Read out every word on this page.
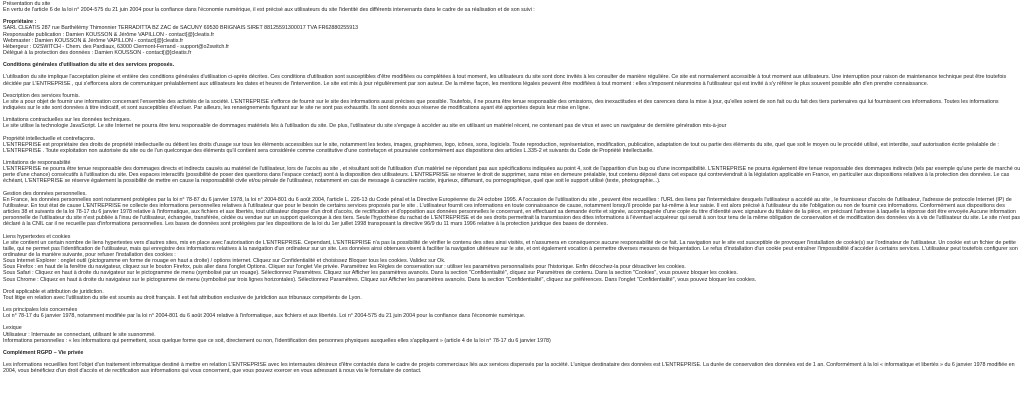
Présentation du site
En vertu de l'article 6 de la loi n° 2004-575 du 21 juin 2004 pour la confiance dans l'économie numérique, il est précisé aux utilisateurs du site l'identité des différents intervenants dans le cadre de sa réalisation et de son suivi :
Propriétaire :
SARL CLEATIS 287 rue Barthélémy Thimonnier TERRADITTA BZ ZAC de SACUNY 69530 BRIGNAIS SIRET 88125591300017 TVA FR62880255913
Responsable publication : Damien KOUSSON & Jérôme VAPILLON - contact[@]cleatis.fr
Webmaster : Damien KOUSSON & Jérôme VAPILLON - contact[@]cleatis.fr
Hébergeur : O2SWITCH - Chem. des Pardiaux, 63000 Clermont-Ferrand - support@o2switch.fr
Délégué à la protection des données : Damien KOUSSON - contact[@]cleatis.fr
Conditions générales d'utilisation du site et des services proposés.
L'utilisation du site implique l'acceptation pleine et entière des conditions générales d'utilisation ci-après décrites. Ces conditions d'utilisation sont susceptibles d'être modifiées ou complétées à tout moment, les utilisateurs du site sont donc invités à les consulter de manière régulière. Ce site est normalement accessible à tout moment aux utilisateurs. Une interruption pour raison de maintenance technique peut être toutefois décidée par L'ENTREPRISE , qui s'efforcera alors de communiquer préalablement aux utilisateurs les dates et heures de l'intervention. Le site est mis à jour régulièrement par son auteur. De la même façon, les mentions légales peuvent être modifiées à tout moment : elles s'imposent néanmoins à l'utilisateur qui est invité à s'y référer le plus souvent possible afin d'en prendre connaissance.
Description des services fournis.
Le site a pour objet de fournir une information concernant l'ensemble des activités de la société. L'ENTREPRISE s'efforce de fournir sur le site des informations aussi précises que possible. Toutefois, il ne pourra être tenue responsable des omissions, des inexactitudes et des carences dans la mise à jour, qu'elles soient de son fait ou du fait des tiers partenaires qui lui fournissent ces informations. Toutes les informations indiquées sur le site sont données à titre indicatif, et sont susceptibles d'évoluer. Par ailleurs, les renseignements figurant sur le site ne sont pas exhaustifs. Ils sont donnés sous réserve de modifications ayant été apportées depuis leur mise en ligne.
Limitations contractuelles sur les données techniques.
Le site utilise la technologie JavaScript. Le site Internet ne pourra être tenu responsable de dommages matériels liés à l'utilisation du site. De plus, l'utilisateur du site s'engage à accéder au site en utilisant un matériel récent, ne contenant pas de virus et avec un navigateur de dernière génération mis-à-jour
Propriété intellectuelle et contrefaçons.
L'ENTREPRISE est propriétaire des droits de propriété intellectuelle ou détient les droits d'usage sur tous les éléments accessibles sur le site, notamment les textes, images, graphismes, logo, icônes, sons, logiciels. Toute reproduction, représentation, modification, publication, adaptation de tout ou partie des éléments du site, quel que soit le moyen ou le procédé utilisé, est interdite, sauf autorisation écrite préalable de : L'ENTREPRISE . Toute exploitation non autorisée du site ou de l'un quelconque des éléments qu'il contient sera considérée comme constitutive d'une contrefaçon et poursuivie conformément aux dispositions des articles L.335-2 et suivants du Code de Propriété Intellectuelle.
Limitations de responsabilité
L'ENTREPRISE ne pourra être tenue responsable des dommages directs et indirects causés au matériel de l'utilisateur, lors de l'accès au site , et résultant soit de l'utilisation d'un matériel ne répondant pas aux spécifications indiquées au point 4, soit de l'apparition d'un bug ou d'une incompatibilité. L'ENTREPRISE ne pourra également être tenue responsable des dommages indirects (tels par exemple qu'une perte de marché ou perte d'une chance) consécutifs à l'utilisation du site. Des espaces interactifs (possibilité de poser des questions dans l'espace contact) sont à la disposition des utilisateurs. L'ENTREPRISE se réserve le droit de supprimer, sans mise en demeure préalable, tout contenu déposé dans cet espace qui contreviendrait à la législation applicable en France, en particulier aux dispositions relatives à la protection des données. Le cas échéant, L'ENTREPRISE se réserve également la possibilité de mettre en cause la responsabilité civile et/ou pénale de l'utilisateur, notamment en cas de message à caractère raciste, injurieux, diffamant, ou pornographique, quel que soit le support utilisé (texte, photographie...).
Gestion des données personnelles.
En France, les données personnelles sont notamment protégées par la loi n° 78-87 du 6 janvier 1978, la loi n° 2004-801 du 6 août 2004, l'article L. 226-13 du Code pénal et la Directive Européenne du 24 octobre 1995. A l'occasion de l'utilisation du site , peuvent être recueillies : l'URL des liens par l'intermédiaire desquels l'utilisateur a accédé au site , le fournisseur d'accès de l'utilisateur, l'adresse de protocole Internet (IP) de l'utilisateur. En tout état de cause L'ENTREPRISE ne collecte des informations personnelles relatives à l'utilisateur que pour le besoin de certains services proposés par le site . L'utilisateur fournit ces informations en toute connaissance de cause, notamment lorsqu'il procède par lui-même à leur saisie. Il est alors précisé à l'utilisateur du site l'obligation ou non de fournir ces informations. Conformément aux dispositions des articles 38 et suivants de la loi 78-17 du 6 janvier 1978 relative à l'informatique, aux fichiers et aux libertés, tout utilisateur dispose d'un droit d'accès, de rectification et d'opposition aux données personnelles le concernant, en effectuant sa demande écrite et signée, accompagnée d'une copie du titre d'identité avec signature du titulaire de la pièce, en précisant l'adresse à laquelle la réponse doit être envoyée.Aucune information personnelle de l'utilisateur du site n'est publiée à l'insu de l'utilisateur, échangée, transférée, cédée ou vendue sur un support quelconque à des tiers. Seule l'hypothèse du rachat de L'ENTREPRISE et de ses droits permettrait la transmission des dites informations à l'éventuel acquéreur qui serait à son tour tenu de la même obligation de conservation et de modification des données vis à vis de l'utilisateur du site. Le site n'est pas déclaré à la CNIL car il ne recueille pas d'informations personnelles. Les bases de données sont protégées par les dispositions de la loi du 1er juillet 1998 transposant la directive 96/9 du 11 mars 1996 relative à la protection juridique des bases de données.
Liens hypertextes et cookies
Le site contient un certain nombre de liens hypertextes vers d'autres sites, mis en place avec l'autorisation de L'ENTREPRISE. Cependant, L'ENTREPRISE n'a pas la possibilité de vérifier le contenu des sites ainsi visités, et n'assumera en conséquence aucune responsabilité de ce fait. La navigation sur le site est susceptible de provoquer l'installation de cookie(s) sur l'ordinateur de l'utilisateur. Un cookie est un fichier de petite taille, qui ne permet pas l'identification de l'utilisateur, mais qui enregistre des informations relatives à la navigation d'un ordinateur sur un site. Les données ainsi obtenues visent à faciliter la navigation ultérieure sur le site, et ont également vocation à permettre diverses mesures de fréquentation. Le refus d'installation d'un cookie peut entraîner l'impossibilité d'accéder à certains services. L'utilisateur peut toutefois configurer son ordinateur de la manière suivante, pour refuser l'installation des cookies :
Sous Internet Explorer : onglet outil (pictogramme en forme de rouage en haut a droite) / options internet. Cliquez sur Confidentialité et choisissez Bloquer tous les cookies. Validez sur Ok.
Sous Firefox : en haut de la fenêtre du navigateur, cliquez sur le bouton Firefox, puis aller dans l'onglet Options. Cliquer sur l'onglet Vie privée. Paramétrez les Règles de conservation sur : utiliser les paramètres personnalisés pour l'historique. Enfin décochez-la pour désactiver les cookies.
Sous Safari : Cliquez en haut à droite du navigateur sur le pictogramme de menu (symbolisé par un rouage). Sélectionnez Paramètres. Cliquez sur Afficher les paramètres avancés. Dans la section "Confidentialité", cliquez sur Paramètres de contenu. Dans la section "Cookies", vous pouvez bloquer les cookies.
Sous Chrome : Cliquez en haut à droite du navigateur sur le pictogramme de menu (symbolisé par trois lignes horizontales). Sélectionnez Paramètres. Cliquez sur Afficher les paramètres avancés. Dans la section "Confidentialité", cliquez sur préférences. Dans l'onglet "Confidentialité", vous pouvez bloquer les cookies.
Droit applicable et attribution de juridiction.
Tout litige en relation avec l'utilisation du site est soumis au droit français. Il est fait attribution exclusive de juridiction aux tribunaux compétents de Lyon.
Les principales lois concernées
Loi n° 78-17 du 6 janvier 1978, notamment modifiée par la loi n° 2004-801 du 6 août 2004 relative à l'informatique, aux fichiers et aux libertés. Loi n° 2004-575 du 21 juin 2004 pour la confiance dans l'économie numérique.
Lexique
Utilisateur : Internaute se connectant, utilisant le site susnommé.
Informations personnelles : « les informations qui permettent, sous quelque forme que ce soit, directement ou non, l'identification des personnes physiques auxquelles elles s'appliquent » (article 4 de la loi n° 78-17 du 6 janvier 1978)
Complément RGPD – Vie privée
Les informations recueillies font l'objet d'un traitement informatique destiné à mettre en relation L'ENTREPRISE avec les internautes désireux d'être contactés dans le cadre de projets commerciaux liés aux services dispensés par la société. L'unique destinataire des données est L'ENTREPRISE. La durée de conservation des données est de 1 an. Conformément à la loi « informatique et libertés » du 6 janvier 1978 modifiée en 2004, vous bénéficiez d'un droit d'accès et de rectification aux informations qui vous concernent, que vous pouvez exercer en vous adressant à nous via le formulaire de contact.
